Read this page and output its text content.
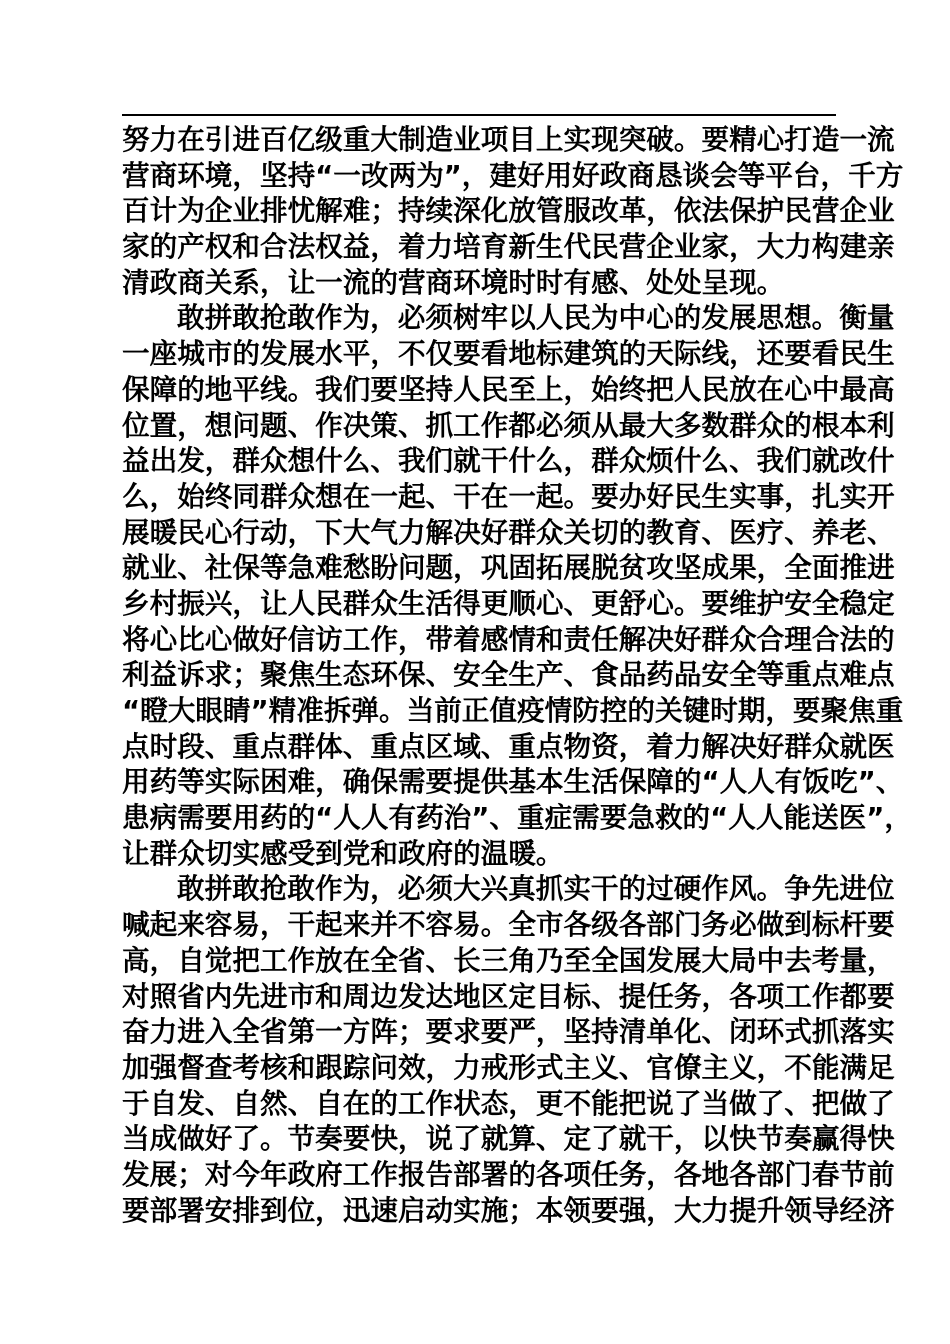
努力在引进百亿级重大制造业项目上实现突破。要精心打造一流
营商环境，坚持“一改两为”，建好用好政商恳谈会等平台，千方
百计为企业排忧解难；持续深化放管服改革，依法保护民营企业
家的产权和合法权益，着力培育新生代民营企业家，大力构建亲
清政商关系，让一流的营商环境时时有感、处处呈现。
敢拼敢抢敢作为，必须树牢以人民为中心的发展思想。衡量
一座城市的发展水平，不仅要看地标建筑的天际线，还要看民生
保障的地平线。我们要坚持人民至上，始终把人民放在心中最高
位置，想问题、作决策、抓工作都必须从最大多数群众的根本利
益出发，群众想什么、我们就干什么，群众烦什么、我们就改什
么，始终同群众想在一起、干在一起。要办好民生实事，扎实开
展暖民心行动，下大气力解决好群众关切的教育、医疗、养老、
就业、社保等急难愁盼问题，巩固拓展脱贫攻坚成果，全面推进
乡村振兴，让人民群众生活得更顺心、更舒心。要维护安全稳定
将心比心做好信访工作，带着感情和责任解决好群众合理合法的
利益诉求；聚焦生态环保、安全生产、食品药品安全等重点难点
“瞪大眼睛”精准拆弹。当前正值疫情防控的关键时期，要聚焦重
点时段、重点群体、重点区域、重点物资，着力解决好群众就医
用药等实际困难，确保需要提供基本生活保障的“人人有饭吃”、
患病需要用药的“人人有药治”、重症需要急救的“人人能送医”，
让群众切实感受到党和政府的温暖。
敢拼敢抢敢作为，必须大兴真抓实干的过硬作风。争先进位
喊起来容易，干起来并不容易。全市各级各部门务必做到标杆要
高，自觉把工作放在全省、长三角乃至全国发展大局中去考量，
对照省内先进市和周边发达地区定目标、提任务，各项工作都要
奋力进入全省第一方阵；要求要严，坚持清单化、闭环式抓落实
加强督查考核和跟踪问效，力戒形式主义、官僚主义，不能满足
于自发、自然、自在的工作状态，更不能把说了当做了、把做了
当成做好了。节奏要快，说了就算、定了就干，以快节奏赢得快
发展；对今年政府工作报告部署的各项任务，各地各部门春节前
要部署安排到位，迅速启动实施；本领要强，大力提升领导经济
